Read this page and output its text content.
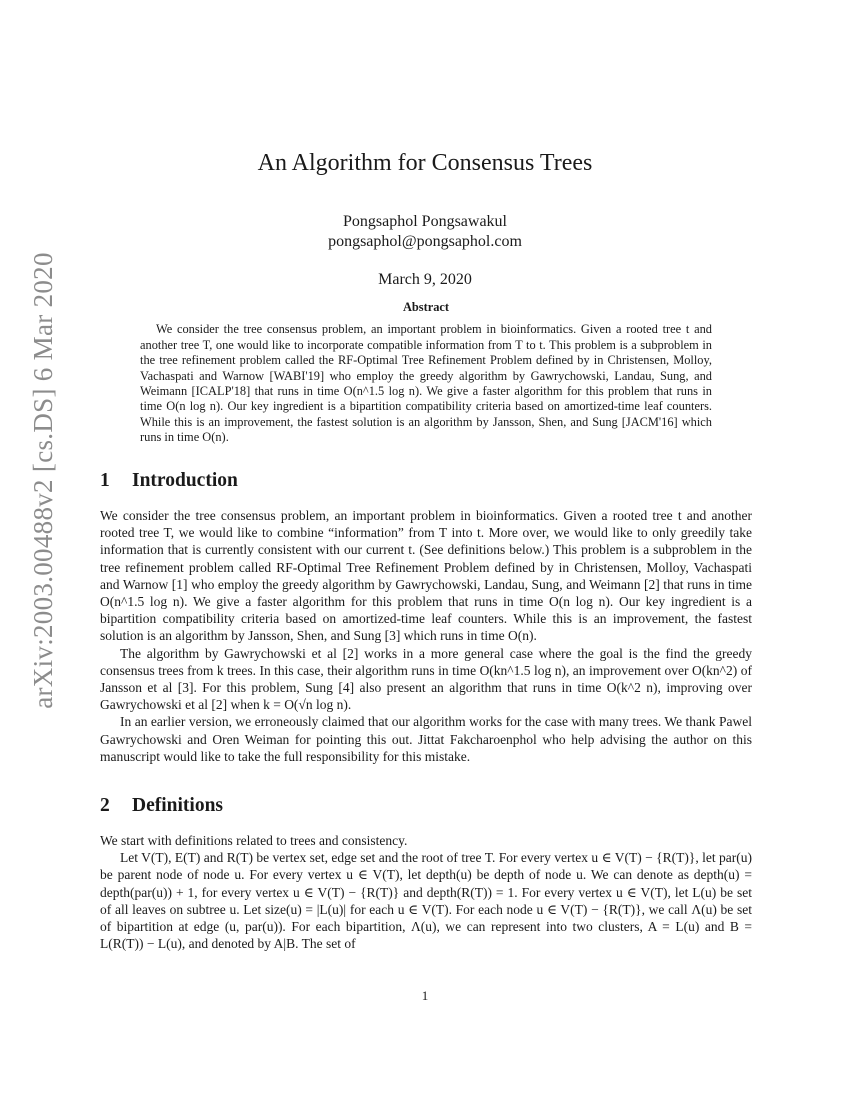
arXiv:2003.00488v2 [cs.DS] 6 Mar 2020
An Algorithm for Consensus Trees
Pongsaphol Pongsawakul
pongsaphol@pongsaphol.com
March 9, 2020
Abstract

We consider the tree consensus problem, an important problem in bioinformatics. Given a rooted tree t and another tree T, one would like to incorporate compatible information from T to t. This problem is a subproblem in the tree refinement problem called the RF-Optimal Tree Refinement Problem defined by in Christensen, Molloy, Vachaspati and Warnow [WABI'19] who employ the greedy algorithm by Gawrychowski, Landau, Sung, and Weimann [ICALP'18] that runs in time O(n^1.5 log n). We give a faster algorithm for this problem that runs in time O(n log n). Our key ingredient is a bipartition compatibility criteria based on amortized-time leaf counters. While this is an improvement, the fastest solution is an algorithm by Jansson, Shen, and Sung [JACM'16] which runs in time O(n).

1 Introduction

We consider the tree consensus problem, an important problem in bioinformatics. Given a rooted tree t and another rooted tree T, we would like to combine “information” from T into t. More over, we would like to only greedily take information that is currently consistent with our current t. (See definitions below.) This problem is a subproblem in the tree refinement problem called RF-Optimal Tree Refinement Problem defined by in Christensen, Molloy, Vachaspati and Warnow [1] who employ the greedy algorithm by Gawrychowski, Landau, Sung, and Weimann [2] that runs in time O(n^1.5 log n). We give a faster algorithm for this problem that runs in time O(n log n). Our key ingredient is a bipartition compatibility criteria based on amortized-time leaf counters. While this is an improvement, the fastest solution is an algorithm by Jansson, Shen, and Sung [3] which runs in time O(n).

The algorithm by Gawrychowski et al [2] works in a more general case where the goal is the find the greedy consensus trees from k trees. In this case, their algorithm runs in time O(kn^1.5 log n), an improvement over O(kn^2) of Jansson et al [3]. For this problem, Sung [4] also present an algorithm that runs in time O(k^2 n), improving over Gawrychowski et al [2] when k = O(√n log n).

In an earlier version, we erroneously claimed that our algorithm works for the case with many trees. We thank Pawel Gawrychowski and Oren Weiman for pointing this out. Jittat Fakcharoenphol who help advising the author on this manuscript would like to take the full responsibility for this mistake.

2 Definitions

We start with definitions related to trees and consistency.

Let V(T), E(T) and R(T) be vertex set, edge set and the root of tree T. For every vertex u ∈ V(T) − {R(T)}, let par(u) be parent node of node u. For every vertex u ∈ V(T), let depth(u) be depth of node u. We can denote as depth(u) = depth(par(u)) + 1, for every vertex u ∈ V(T) − {R(T)} and depth(R(T)) = 1. For every vertex u ∈ V(T), let L(u) be set of all leaves on subtree u. Let size(u) = |L(u)| for each u ∈ V(T). For each node u ∈ V(T) − {R(T)}, we call Λ(u) be set of bipartition at edge (u, par(u)). For each bipartition, Λ(u), we can represent into two clusters, A = L(u) and B = L(R(T)) − L(u), and denoted by A|B. The set of

1
